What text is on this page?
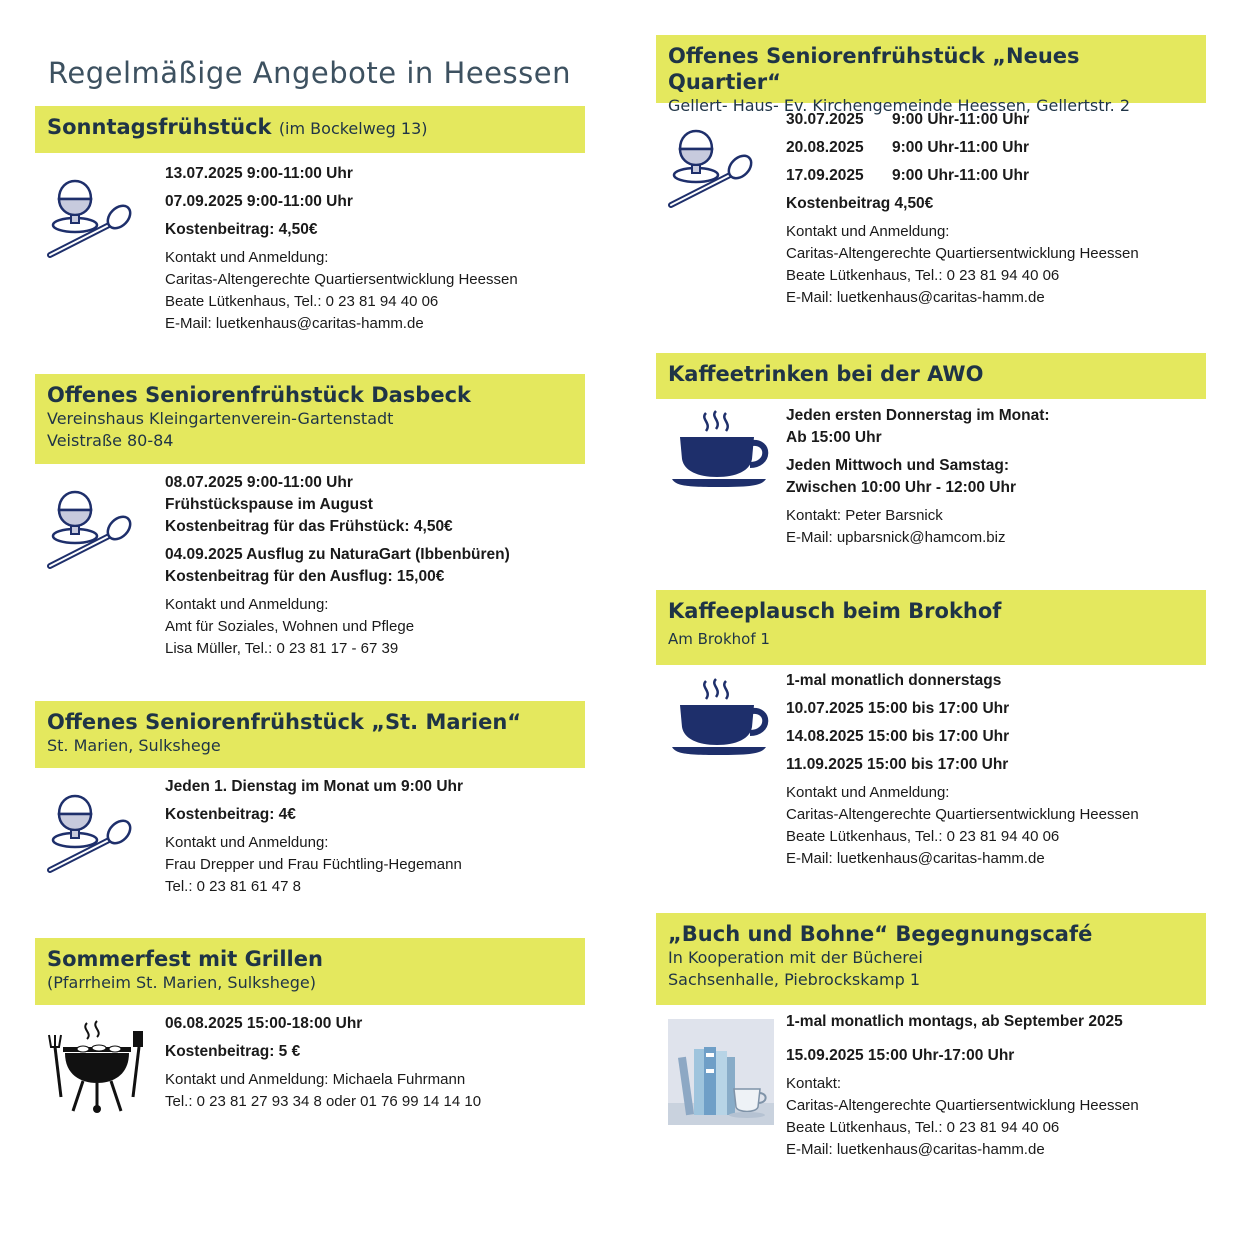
Regelmäßige Angebote in Heessen
Sonntagsfrühstück (im Bockelweg 13)
13.07.2025 9:00-11:00 Uhr
07.09.2025 9:00-11:00 Uhr
Kostenbeitrag: 4,50€
Kontakt und Anmeldung:
Caritas-Altengerechte Quartiersentwicklung Heessen
Beate Lütkenhaus, Tel.: 0 23 81 94 40 06
E-Mail: luetkenhaus@caritas-hamm.de
Offenes Seniorenfrühstück Dasbeck
Vereinshaus Kleingartenverein-Gartenstadt
Veistraße 80-84
08.07.2025 9:00-11:00 Uhr
Frühstückspause im August
Kostenbeitrag für das Frühstück: 4,50€
04.09.2025 Ausflug zu NaturaGart (Ibbenbüren)
Kostenbeitrag für den Ausflug: 15,00€
Kontakt und Anmeldung:
Amt für Soziales, Wohnen und Pflege
Lisa Müller, Tel.: 0 23 81 17 - 67 39
Offenes Seniorenfrühstück „St. Marien“
St. Marien, Sulkshege
Jeden 1. Dienstag im Monat um 9:00 Uhr
Kostenbeitrag: 4€
Kontakt und Anmeldung:
Frau Drepper und Frau Füchtling-Hegemann
Tel.: 0 23 81 61 47 8
Sommerfest mit Grillen
(Pfarrheim St. Marien, Sulkshege)
06.08.2025 15:00-18:00 Uhr
Kostenbeitrag: 5 €
Kontakt und Anmeldung: Michaela Fuhrmann
Tel.: 0 23 81 27 93 34 8 oder 01 76 99 14 14 10
Offenes Seniorenfrühstück „Neues Quartier“
Gellert- Haus- Ev. Kirchengemeinde Heessen, Gellertstr. 2
30.07.2025 9:00 Uhr-11:00 Uhr
20.08.2025 9:00 Uhr-11:00 Uhr
17.09.2025 9:00 Uhr-11:00 Uhr
Kostenbeitrag 4,50€
Kontakt und Anmeldung:
Caritas-Altengerechte Quartiersentwicklung Heessen
Beate Lütkenhaus, Tel.: 0 23 81 94 40 06
E-Mail: luetkenhaus@caritas-hamm.de
Kaffeetrinken bei der AWO
Jeden ersten Donnerstag im Monat:
Ab 15:00 Uhr
Jeden Mittwoch und Samstag:
Zwischen 10:00 Uhr - 12:00 Uhr
Kontakt: Peter Barsnick
E-Mail: upbarsnick@hamcom.biz
Kaffeeplausch beim Brokhof
Am Brokhof 1
1-mal monatlich donnerstags
10.07.2025 15:00 bis 17:00 Uhr
14.08.2025 15:00 bis 17:00 Uhr
11.09.2025 15:00 bis 17:00 Uhr
Kontakt und Anmeldung:
Caritas-Altengerechte Quartiersentwicklung Heessen
Beate Lütkenhaus, Tel.: 0 23 81 94 40 06
E-Mail: luetkenhaus@caritas-hamm.de
„Buch und Bohne“ Begegnungscafé
In Kooperation mit der Bücherei
Sachsenhalle, Piebrockskamp 1
1-mal monatlich montags, ab September 2025
15.09.2025 15:00 Uhr-17:00 Uhr
Kontakt:
Caritas-Altengerechte Quartiersentwicklung Heessen
Beate Lütkenhaus, Tel.: 0 23 81 94 40 06
E-Mail: luetkenhaus@caritas-hamm.de
